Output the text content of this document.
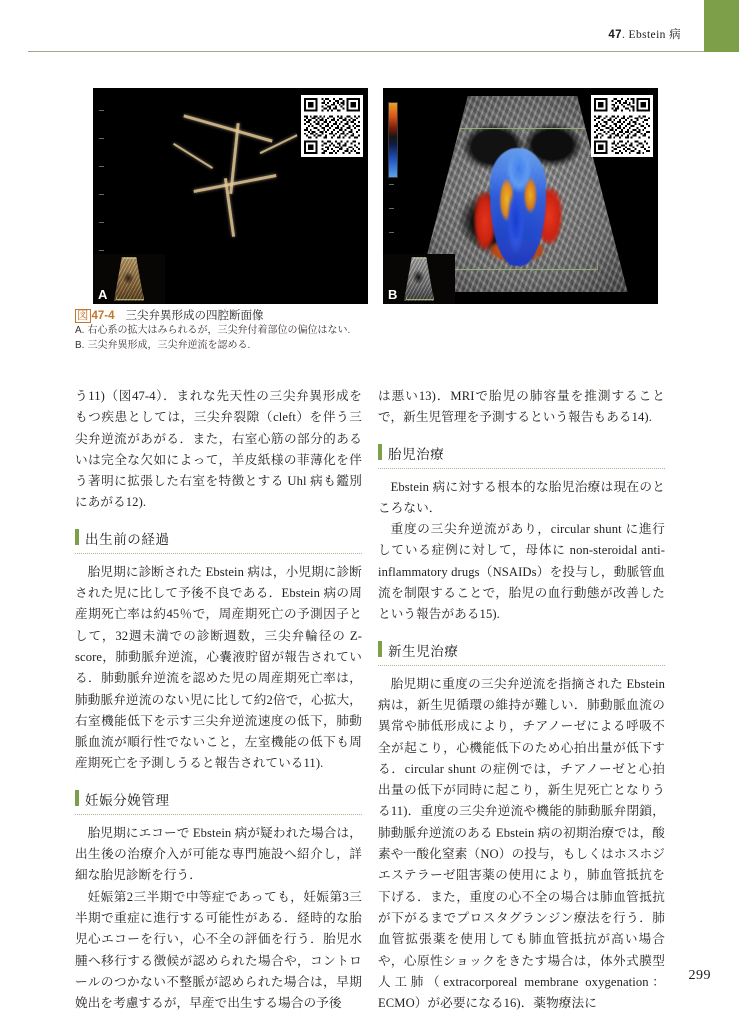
47. Ebstein 病
A	B
図 47-4 三尖弁異形成の四腔断面像
A. 右心系の拡大はみられるが，三尖弁付着部位の偏位はない.
B. 三尖弁異形成，三尖弁逆流を認める.

う11)（図47-4）．まれな先天性の三尖弁異形成をもつ疾患としては，三尖弁裂隙（cleft）を伴う三尖弁逆流があがる．また，右室心筋の部分的あるいは完全な欠如によって，羊皮紙様の菲薄化を伴う著明に拡張した右室を特徴とする Uhl 病も鑑別にあがる12).

出生前の経過

胎児期に診断された Ebstein 病は，小児期に診断された児に比して予後不良である．Ebstein 病の周産期死亡率は約45％で，周産期死亡の予測因子として，32週未満での診断週数，三尖弁輪径の Z-score，肺動脈弁逆流，心嚢液貯留が報告されている．肺動脈弁逆流を認めた児の周産期死亡率は，肺動脈弁逆流のない児に比して約2倍で，心拡大，右室機能低下を示す三尖弁逆流速度の低下，肺動脈血流が順行性でないこと，左室機能の低下も周産期死亡を予測しうると報告されている11).

妊娠分娩管理

胎児期にエコーで Ebstein 病が疑われた場合は，出生後の治療介入が可能な専門施設へ紹介し，詳細な胎児診断を行う．

妊娠第2三半期で中等症であっても，妊娠第3三半期で重症に進行する可能性がある．経時的な胎児心エコーを行い，心不全の評価を行う．胎児水腫へ移行する徴候が認められた場合や，コントロールのつかない不整脈が認められた場合は，早期娩出を考慮するが，早産で出生する場合の予後

は悪い13)．MRIで胎児の肺容量を推測することで，新生児管理を予測するという報告もある14).

胎児治療

Ebstein 病に対する根本的な胎児治療は現在のところない．

重度の三尖弁逆流があり，circular shunt に進行している症例に対して，母体に non-steroidal anti-inflammatory drugs（NSAIDs）を投与し，動脈管血流を制限することで，胎児の血行動態が改善したという報告がある15).

新生児治療

胎児期に重度の三尖弁逆流を指摘された Ebstein 病は，新生児循環の維持が難しい．肺動脈血流の異常や肺低形成により，チアノーゼによる呼吸不全が起こり，心機能低下のため心拍出量が低下する．circular shunt の症例では，チアノーゼと心拍出量の低下が同時に起こり，新生児死亡となりうる11)．重度の三尖弁逆流や機能的肺動脈弁閉鎖，肺動脈弁逆流のある Ebstein 病の初期治療では，酸素や一酸化窒素（NO）の投与，もしくはホスホジエステラーゼ阻害薬の使用により，肺血管抵抗を下げる．また，重度の心不全の場合は肺血管抵抗が下がるまでプロスタグランジン療法を行う．肺血管拡張薬を使用しても肺血管抵抗が高い場合や，心原性ショックをきたす場合は，体外式膜型人工肺（extracorporeal membrane oxygenation：ECMO）が必要になる16)．薬物療法に

299
